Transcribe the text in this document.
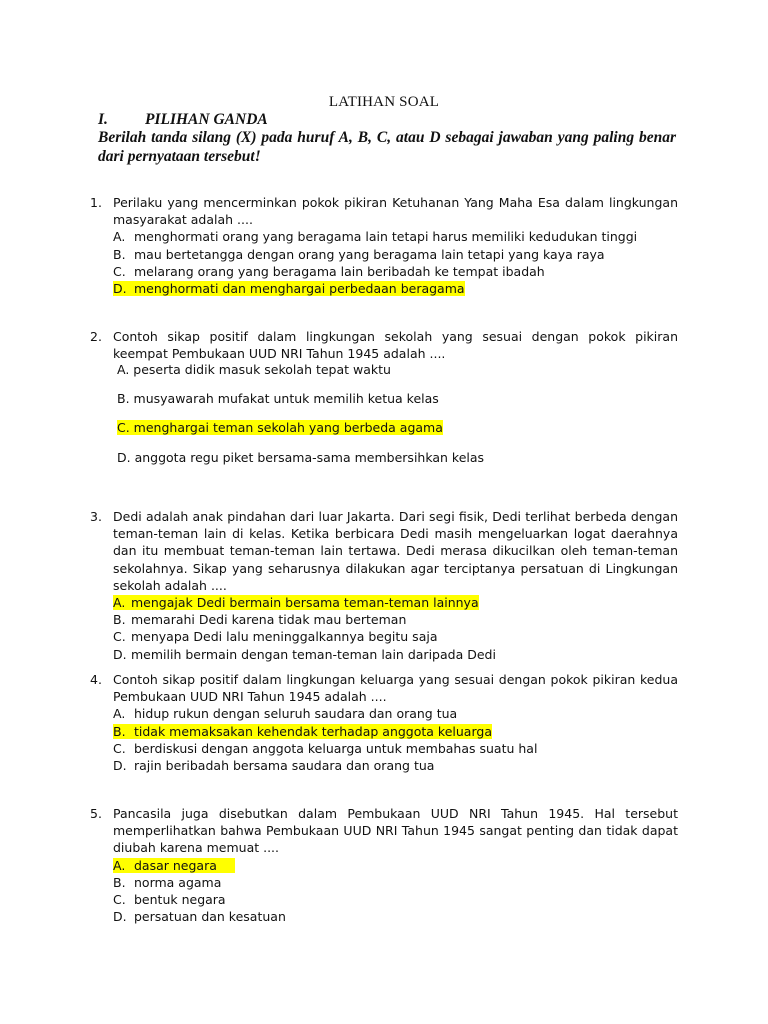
LATIHAN SOAL
I. PILIHAN GANDA
Berilah tanda silang (X) pada huruf A, B, C, atau D sebagai jawaban yang paling benar dari pernyataan tersebut!
1. Perilaku yang mencerminkan pokok pikiran Ketuhanan Yang Maha Esa dalam lingkungan masyarakat adalah ....
A. menghormati orang yang beragama lain tetapi harus memiliki kedudukan tinggi
B. mau bertetangga dengan orang yang beragama lain tetapi yang kaya raya
C. melarang orang yang beragama lain beribadah ke tempat ibadah
D. menghormati dan menghargai perbedaan beragama
2. Contoh sikap positif dalam lingkungan sekolah yang sesuai dengan pokok pikiran keempat Pembukaan UUD NRI Tahun 1945 adalah ....
A. peserta didik masuk sekolah tepat waktu
B. musyawarah mufakat untuk memilih ketua kelas
C. menghargai teman sekolah yang berbeda agama
D. anggota regu piket bersama-sama membersihkan kelas
3. Dedi adalah anak pindahan dari luar Jakarta. Dari segi fisik, Dedi terlihat berbeda dengan teman-teman lain di kelas. Ketika berbicara Dedi masih mengeluarkan logat daerahnya dan itu membuat teman-teman lain tertawa. Dedi merasa dikucilkan oleh teman-teman sekolahnya. Sikap yang seharusnya dilakukan agar terciptanya persatuan di Lingkungan sekolah adalah ....
A. mengajak Dedi bermain bersama teman-teman lainnya
B. memarahi Dedi karena tidak mau berteman
C. menyapa Dedi lalu meninggalkannya begitu saja
D. memilih bermain dengan teman-teman lain daripada Dedi
4. Contoh sikap positif dalam lingkungan keluarga yang sesuai dengan pokok pikiran kedua Pembukaan UUD NRI Tahun 1945 adalah ....
A. hidup rukun dengan seluruh saudara dan orang tua
B. tidak memaksakan kehendak terhadap anggota keluarga
C. berdiskusi dengan anggota keluarga untuk membahas suatu hal
D. rajin beribadah bersama saudara dan orang tua
5. Pancasila juga disebutkan dalam Pembukaan UUD NRI Tahun 1945. Hal tersebut memperlihatkan bahwa Pembukaan UUD NRI Tahun 1945 sangat penting dan tidak dapat diubah karena memuat ....
A. dasar negara
B. norma agama
C. bentuk negara
D. persatuan dan kesatuan
